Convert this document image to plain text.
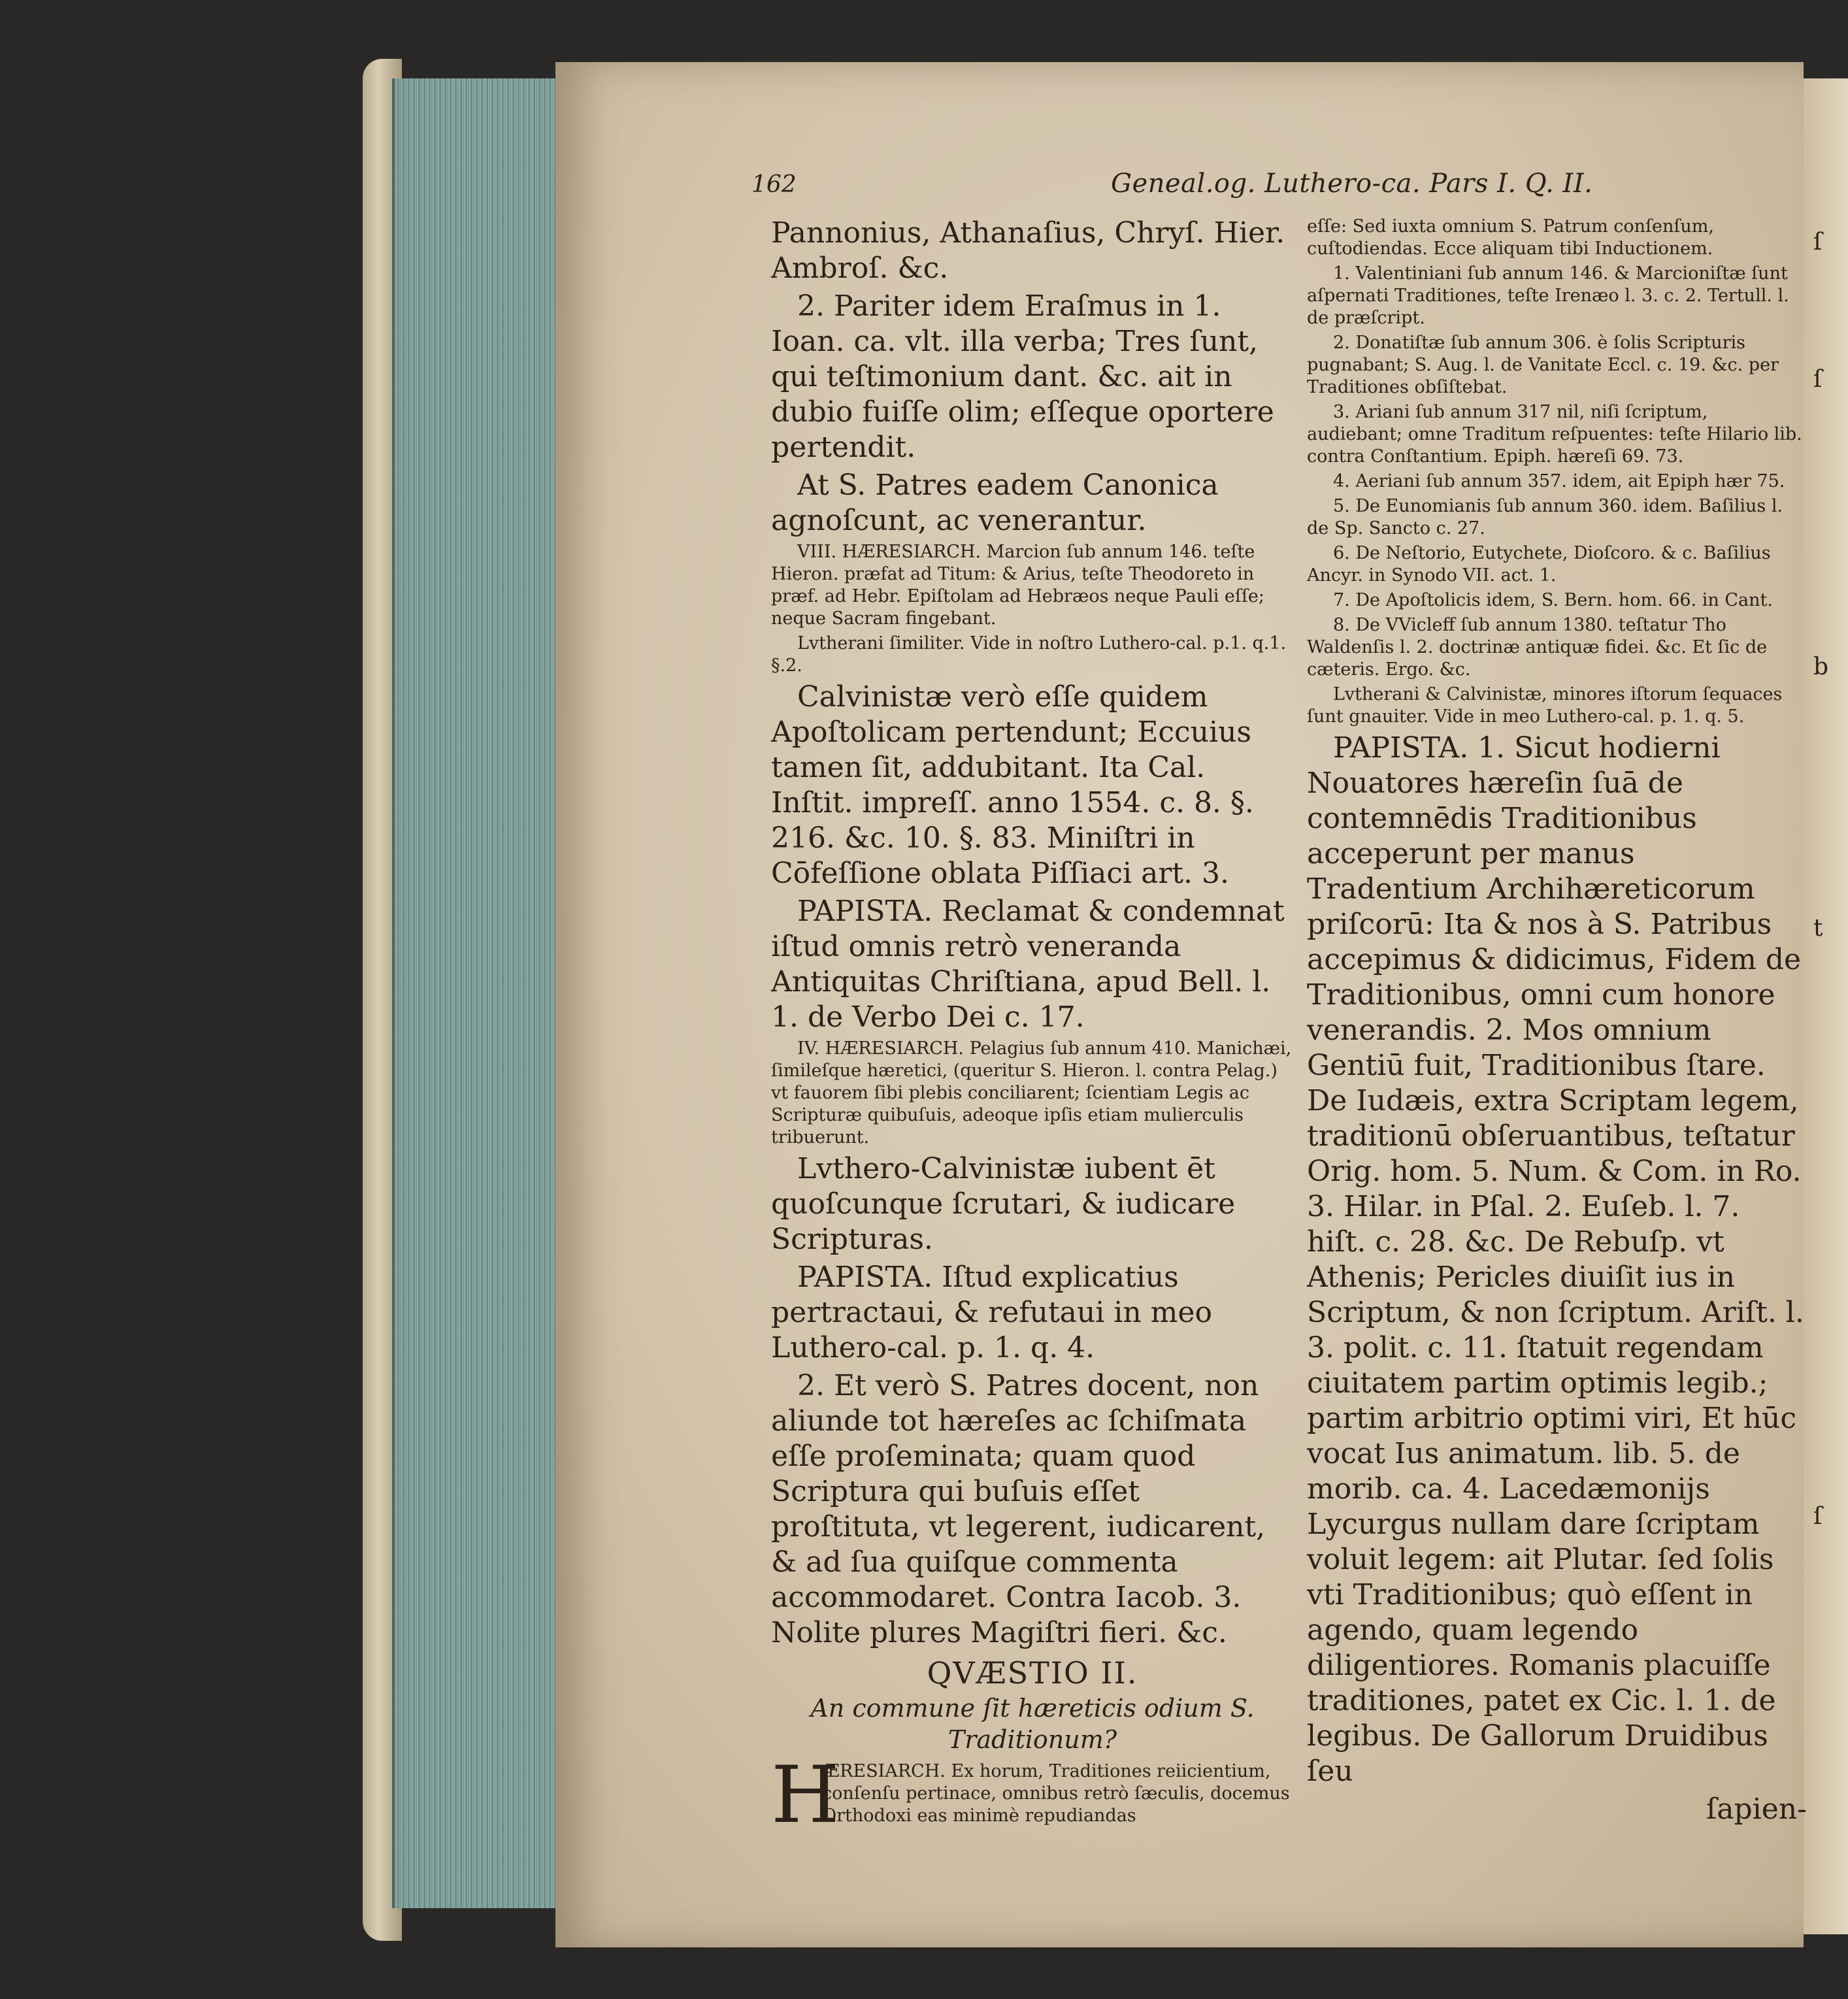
162	Geneal.og. Luthero-ca. Pars I. Q. II.

Pannonius, Athanaſius, Chryſ. Hier. Ambroſ. &c.

2. Pariter idem Eraſmus in 1. Ioan. ca. vlt. illa verba; Tres ſunt, qui teſtimonium dant. &c. ait in dubio fuiſſe olim; eſſeque oportere pertendit.

At S. Patres eadem Canonica agnoſcunt, ac venerantur.

VIII. HÆRESIARCH. Marcion ſub annum 146. teſte Hieron. præfat ad Titum: & Arius, teſte Theodoreto in præf. ad Hebr. Epiſtolam ad Hebræos neque Pauli eſſe; neque Sacram fingebant.

Lvtherani ſimiliter. Vide in noſtro Luthero-cal. p.1. q.1. §.2.

Calvinistæ verò eſſe quidem Apoſtolicam pertendunt; Eccuius tamen ſit, addubitant. Ita Cal. Inſtit. impreſſ. anno 1554. c. 8. §. 216. &c. 10. §. 83. Miniſtri in Cōfeſſione oblata Piſſiaci art. 3.

PAPISTA. Reclamat & condemnat iſtud omnis retrò veneranda Antiquitas Chriſtiana, apud Bell. l. 1. de Verbo Dei c. 17.

IV. HÆRESIARCH. Pelagius ſub annum 410. Manichæi, ſimileſque hæretici, (queritur S. Hieron. l. contra Pelag.) vt fauorem ſibi plebis conciliarent; ſcientiam Legis ac Scripturæ quibuſuis, adeoque ipſis etiam mulierculis tribuerunt.

Lvthero-Calvinistæ iubent ēt quoſcunque ſcrutari, & iudicare Scripturas.

PAPISTA. Iſtud explicatius pertractaui, & refutaui in meo Luthero-cal. p. 1. q. 4.

2. Et verò S. Patres docent, non aliunde tot hæreſes ac ſchiſmata eſſe proſeminata; quam quod Scriptura qui buſuis eſſet proſtituta, vt legerent, iudicarent, & ad ſua quiſque commenta accommodaret. Contra Iacob. 3. Nolite plures Magiſtri fieri. &c.

QVÆSTIO II.

An commune ſit hæreticis odium S. Traditionum?

H
ÆRESIARCH. Ex horum, Traditiones reiicientium, conſenſu pertinace, omnibus retrò ſæculis, docemus Orthodoxi eas minimè repudiandas

eſſe: Sed iuxta omnium S. Patrum conſenſum, cuſtodiendas. Ecce aliquam tibi Inductionem.

1. Valentiniani ſub annum 146. & Marcioniſtæ ſunt aſpernati Traditiones, teſte Irenæo l. 3. c. 2. Tertull. l. de præſcript.

2. Donatiſtæ ſub annum 306. è ſolis Scripturis pugnabant; S. Aug. l. de Vanitate Eccl. c. 19. &c. per Traditiones obſiſtebat.

3. Ariani ſub annum 317 nil, niſi ſcriptum, audiebant; omne Traditum reſpuentes: teſte Hilario lib. contra Conſtantium. Epiph. hæreſi 69. 73.

4. Aeriani ſub annum 357. idem, ait Epiph hær 75.

5. De Eunomianis ſub annum 360. idem. Baſilius l. de Sp. Sancto c. 27.

6. De Neſtorio, Eutychete, Dioſcoro. & c. Baſilius Ancyr. in Synodo VII. act. 1.

7. De Apoſtolicis idem, S. Bern. hom. 66. in Cant.

8. De VVicleff ſub annum 1380. teſtatur Tho Waldenſis l. 2. doctrinæ antiquæ fidei. &c. Et ſic de cæteris. Ergo. &c.

Lvtherani & Calvinistæ, minores iſtorum ſequaces ſunt gnauiter. Vide in meo Luthero-cal. p. 1. q. 5.

PAPISTA. 1. Sicut hodierni Nouatores hæreſin ſuā de contemnēdis Traditionibus acceperunt per manus Tradentium Archihæreticorum priſcorū: Ita & nos à S. Patribus accepimus & didicimus, Fidem de Traditionibus, omni cum honore venerandis. 2. Mos omnium Gentiū fuit, Traditionibus ſtare. De Iudæis, extra Scriptam legem, traditionū obſeruantibus, teſtatur Orig. hom. 5. Num. & Com. in Ro. 3. Hilar. in Pſal. 2. Euſeb. l. 7. hiſt. c. 28. &c. De Rebuſp. vt Athenis; Pericles diuiſit ius in Scriptum, & non ſcriptum. Ariſt. l. 3. polit. c. 11. ſtatuit regendam ciuitatem partim optimis legib.; partim arbitrio optimi viri, Et hūc vocat Ius animatum. lib. 5. de morib. ca. 4. Lacedæmonijs Lycurgus nullam dare ſcriptam voluit legem: ait Plutar. ſed ſolis vti Traditionibus; quò eſſent in agendo, quam legendo diligentiores. Romanis placuiſſe traditiones, patet ex Cic. l. 1. de legibus. De Gallorum Druidibus ſeu

ſapien-

ſ
ſ
b
t
ſ
